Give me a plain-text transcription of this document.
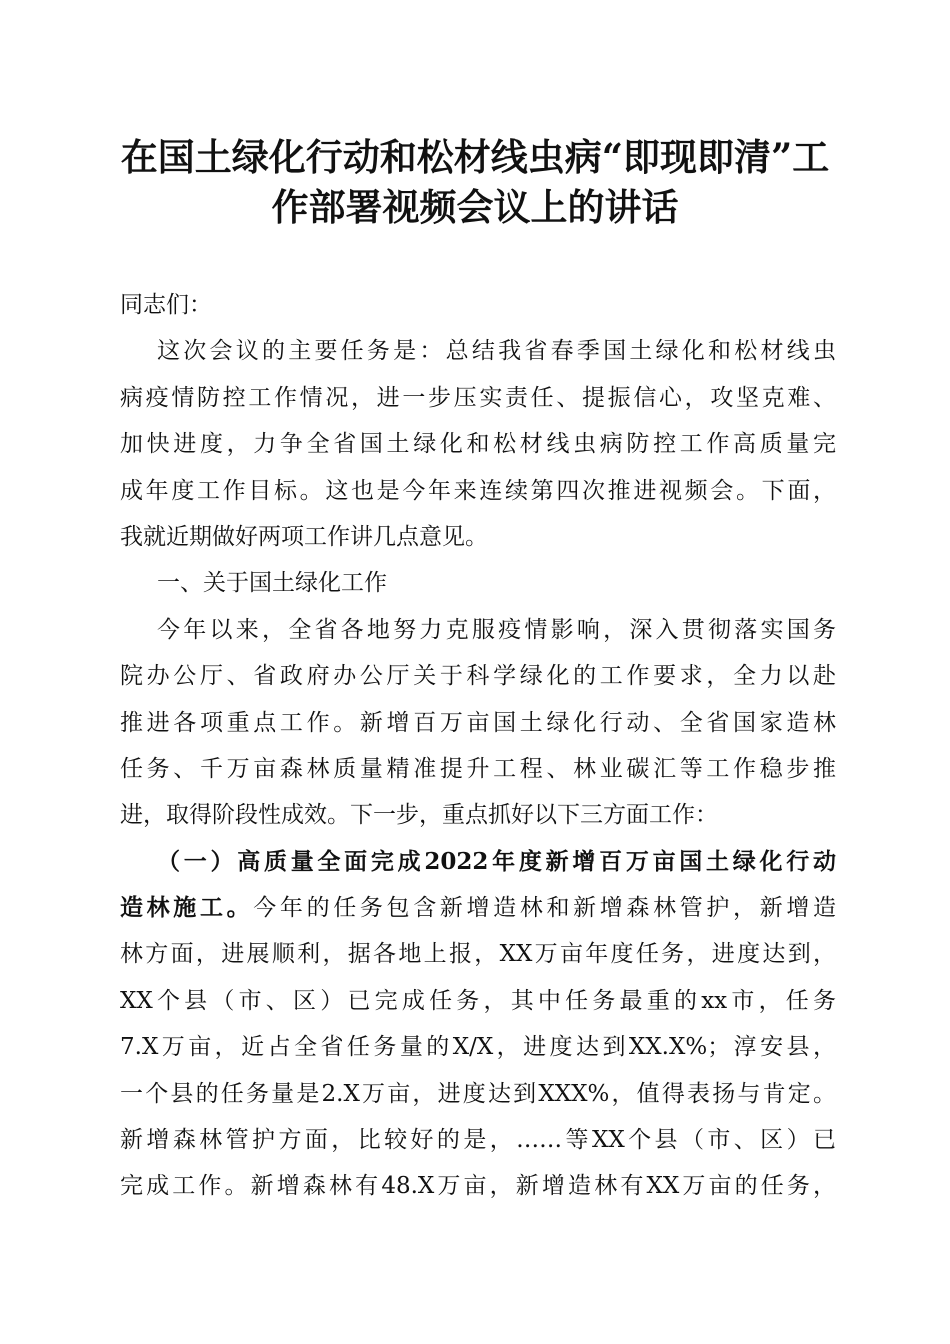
在国土绿化行动和松材线虫病“即现即清”工
作部署视频会议上的讲话

同志们：

这次会议的主要任务是：总结我省春季国土绿化和松材线虫
病疫情防控工作情况，进一步压实责任、提振信心，攻坚克难、
加快进度，力争全省国土绿化和松材线虫病防控工作高质量完
成年度工作目标。这也是今年来连续第四次推进视频会。下面，
我就近期做好两项工作讲几点意见。

一、关于国土绿化工作

今年以来，全省各地努力克服疫情影响，深入贯彻落实国务
院办公厅、省政府办公厅关于科学绿化的工作要求，全力以赴
推进各项重点工作。新增百万亩国土绿化行动、全省国家造林
任务、千万亩森林质量精准提升工程、林业碳汇等工作稳步推
进，取得阶段性成效。下一步，重点抓好以下三方面工作：

（一）高质量全面完成2022年度新增百万亩国土绿化行动
造林施工。今年的任务包含新增造林和新增森林管护，新增造
林方面，进展顺利，据各地上报，XX万亩年度任务，进度达到，
XX个县（市、区）已完成任务，其中任务最重的xx市，任务
7.X万亩，近占全省任务量的X/X，进度达到XX.X%；淳安县，
一个县的任务量是2.X万亩，进度达到XXX%，值得表扬与肯定。
新增森林管护方面，比较好的是，……等XX个县（市、区）已
完成工作。新增森林有48.X万亩，新增造林有XX万亩的任务，
